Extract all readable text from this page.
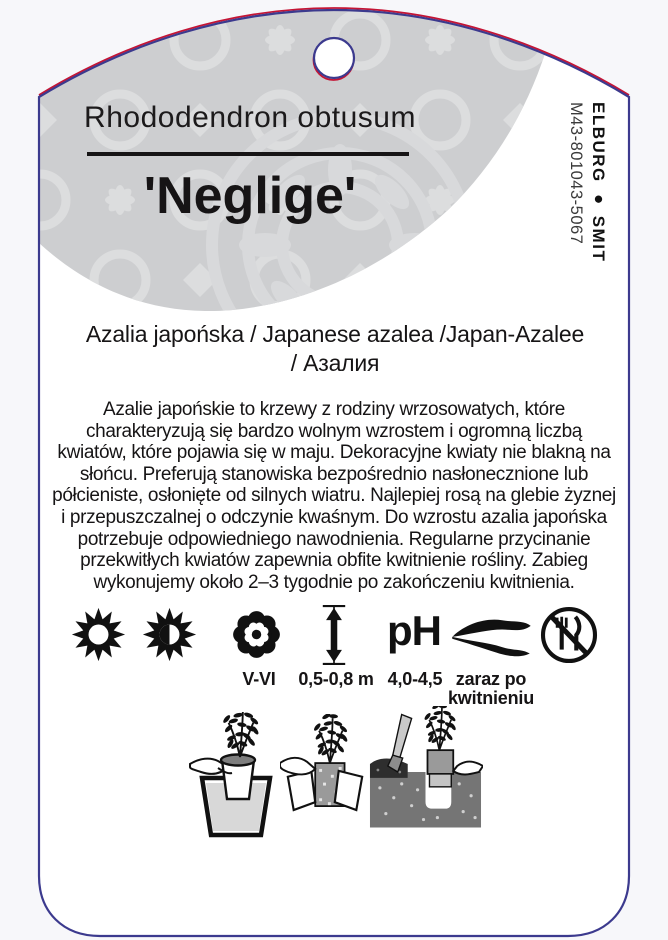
Rhododendron obtusum
'Neglige'	ELBURG ● SMIT
M43-801043-5067
Azalia japońska / Japanese azalea /Japan-Azalee
/ Азалия
Azalie japońskie to krzewy z rodziny wrzosowatych, które charakteryzują się bardzo wolnym wzrostem i ogromną liczbą kwiatów, które pojawia się w maju. Dekoracyjne kwiaty nie blakną na słońcu. Preferują stanowiska bezpośrednio nasłonecznione lub półcieniste, osłonięte od silnych wiatru. Najlepiej rosą na glebie żyznej i przepuszczalnej o odczynie kwaśnym. Do wzrostu azalia japońska potrzebuje odpowiedniego nawodnienia. Regularne przycinanie przekwitłych kwiatów zapewnia obfite kwitnienie rośliny. Zabieg wykonujemy około 2–3 tygodnie po zakończeniu kwitnienia.
pH
V-VI	0,5-0,8 m 4,0-4,5 zaraz po
kwitnieniu
